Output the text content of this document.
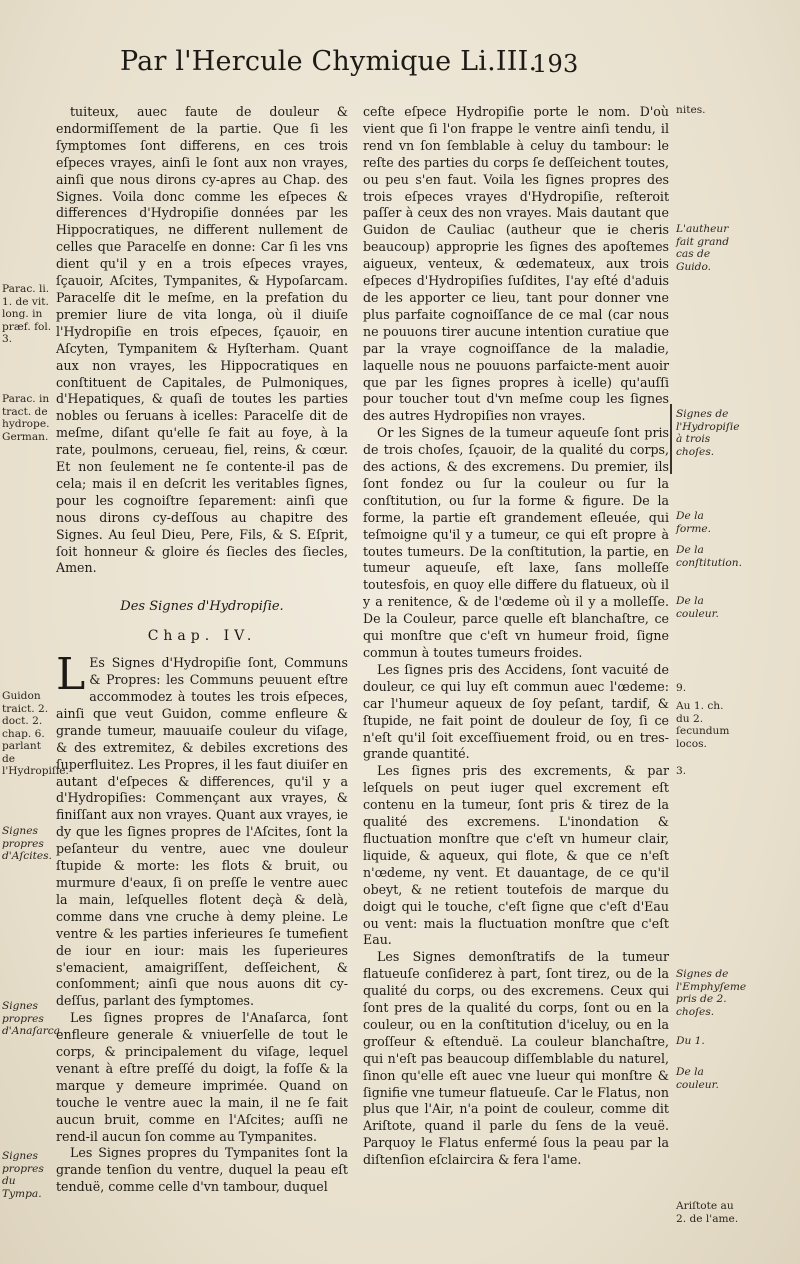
Par l'Hercule Chymique Li.III.
193
Parac. li. 1. de vit. long. in præf. fol. 3.
Parac. in tract. de hydrope. German.
Guidon traict. 2. doct. 2. chap. 6. parlant de l'Hydropiſie.
Signes propres d'Aſcites.
Signes propres d'Anaſarca.
Signes propres du Tympa.

tuiteux, auec faute de douleur & endormiſſement de la partie. Que ſi les ſymptomes ſont differens, en ces trois eſpeces vrayes, ainſi le ſont aux non vrayes, ainſi que nous dirons cy-apres au Chap. des Signes. Voila donc comme les eſpeces & differences d'Hydropiſie données par les Hippocratiques, ne different nullement de celles que Paracelſe en donne: Car ſi les vns dient qu'il y en a trois eſpeces vrayes, ſçauoir, Aſcites, Tympanites, & Hypoſarcam. Paracelſe dit le meſme, en la prefation du premier liure de vita longa, où il diuiſe l'Hydropiſie en trois eſpeces, ſçauoir, en Aſcyten, Tympanitem & Hyſterham. Quant aux non vrayes, les Hippocratiques en conſtituent de Capitales, de Pulmoniques, d'Hepatiques, & quaſi de toutes les parties nobles ou ſeruans à icelles: Paracelſe dit de meſme, diſant qu'elle ſe fait au foye, à la rate, poulmons, cerueau, fiel, reins, & cœur. Et non ſeulement ne ſe contente-il pas de cela; mais il en deſcrit les veritables ſignes, pour les cognoiſtre ſeparement: ainſi que nous dirons cy-deſſous au chapitre des Signes. Au ſeul Dieu, Pere, Fils, & S. Eſprit, ſoit honneur & gloire és ſiecles des ſiecles, Amen.

Des Signes d'Hydropiſie.
Chap. IV.

L Es Signes d'Hydropiſie ſont, Communs & Propres: les Communs peuuent eſtre accommodez à toutes les trois eſpeces, ainſi que veut Guidon, comme enfleure & grande tumeur, mauuaiſe couleur du viſage, & des extremitez, & debiles excretions des ſuperfluitez. Les Propres, il les faut diuiſer en autant d'eſpeces & differences, qu'il y a d'Hydropiſies: Commençant aux vrayes, & finiſſant aux non vrayes. Quant aux vrayes, ie dy que les ſignes propres de l'Aſcites, ſont la peſanteur du ventre, auec vne douleur ſtupide & morte: les flots & bruit, ou murmure d'eaux, ſi on preſſe le ventre auec la main, leſquelles flotent deçà & delà, comme dans vne cruche à demy pleine. Le ventre & les parties inferieures ſe tumefient de iour en iour: mais les ſuperieures s'emacient, amaigriſſent, deſſeichent, & conſomment; ainſi que nous auons dit cy-deſſus, parlant des ſymptomes.

Les ſignes propres de l'Anaſarca, ſont enfleure generale & vniuerſelle de tout le corps, & principalement du viſage, lequel venant à eſtre preſſé du doigt, la foſſe & la marque y demeure imprimée. Quand on touche le ventre auec la main, il ne ſe fait aucun bruit, comme en l'Aſcites; auſſi ne rend-il aucun ſon comme au Tympanites.

Les Signes propres du Tympanites ſont la grande tenſion du ventre, duquel la peau eſt tenduë, comme celle d'vn tambour, duquel

ceſte eſpece Hydropiſie porte le nom. D'où vient que ſi l'on frappe le ventre ainſi tendu, il rend vn ſon ſemblable à celuy du tambour: le reſte des parties du corps ſe deſſeichent toutes, ou peu s'en faut. Voila les ſignes propres des trois eſpeces vrayes d'Hydropiſie, reſteroit paſſer à ceux des non vrayes. Mais dautant que Guidon de Cauliac (autheur que ie cheris beaucoup) approprie les ſignes des apoſtemes aigueux, venteux, & œdemateux, aux trois eſpeces d'Hydropiſies ſuſdites, I'ay eſté d'aduis de les apporter ce lieu, tant pour donner vne plus parfaite cognoiſſance de ce mal (car nous ne pouuons tirer aucune intention curatiue que par la vraye cognoiſſance de la maladie, laquelle nous ne pouuons parfaicte-ment auoir que par les ſignes propres à icelle) qu'auſſi pour toucher tout d'vn meſme coup les ſignes des autres Hydropiſies non vrayes.

Or les Signes de la tumeur aqueuſe ſont pris de trois choſes, ſçauoir, de la qualité du corps, des actions, & des excremens. Du premier, ils ſont fondez ou ſur la couleur ou ſur la conſtitution, ou ſur la forme & figure. De la forme, la partie eſt grandement eſleuée, qui teſmoigne qu'il y a tumeur, ce qui eſt propre à toutes tumeurs. De la conſtitution, la partie, en tumeur aqueuſe, eſt laxe, ſans molleſſe toutesfois, en quoy elle differe du flatueux, où il y a renitence, & de l'œdeme où il y a molleſſe. De la Couleur, parce quelle eſt blanchaſtre, ce qui monſtre que c'eſt vn humeur froid, ſigne commun à toutes tumeurs froides.

Les ſignes pris des Accidens, ſont vacuité de douleur, ce qui luy eſt commun auec l'œdeme: car l'humeur aqueux de ſoy peſant, tardif, & ſtupide, ne fait point de douleur de ſoy, ſi ce n'eſt qu'il ſoit exceſſiuement froid, ou en tres-grande quantité.

Les ſignes pris des excrements, & par leſquels on peut iuger quel excrement eſt contenu en la tumeur, ſont pris & tirez de la qualité des excremens. L'inondation & fluctuation monſtre que c'eſt vn humeur clair, liquide, & aqueux, qui flote, & que ce n'eſt n'œdeme, ny vent. Et dauantage, de ce qu'il obeyt, & ne retient toutefois de marque du doigt qui le touche, c'eſt ſigne que c'eſt d'Eau ou vent: mais la fluctuation monſtre que c'eſt Eau.

Les Signes demonſtratifs de la tumeur flatueuſe conſiderez à part, ſont tirez, ou de la qualité du corps, ou des excremens. Ceux qui ſont pres de la qualité du corps, ſont ou en la couleur, ou en la conſtitution d'iceluy, ou en la groſſeur & eſtenduë. La couleur blanchaſtre, qui n'eſt pas beaucoup diſſemblable du naturel, ſinon qu'elle eſt auec vne lueur qui monſtre & ſignifie vne tumeur flatueuſe. Car le Flatus, non plus que l'Air, n'a point de couleur, comme dit Ariſtote, quand il parle du ſens de la veuë. Parquoy le Flatus enfermé ſous la peau par la diſtenſion eſclaircira & fera l'ame.

nites.
L'autheur fait grand cas de Guido.
Signes de l'Hydropiſie à trois choſes.
De la forme.
De la conſtitution.
De la couleur.
9.
Au 1. ch. du 2. ſecundum locos.
3.
Signes de l'Emphyſeme pris de 2. choſes.
Du 1.
De la couleur.
Ariſtote au 2. de l'ame.
